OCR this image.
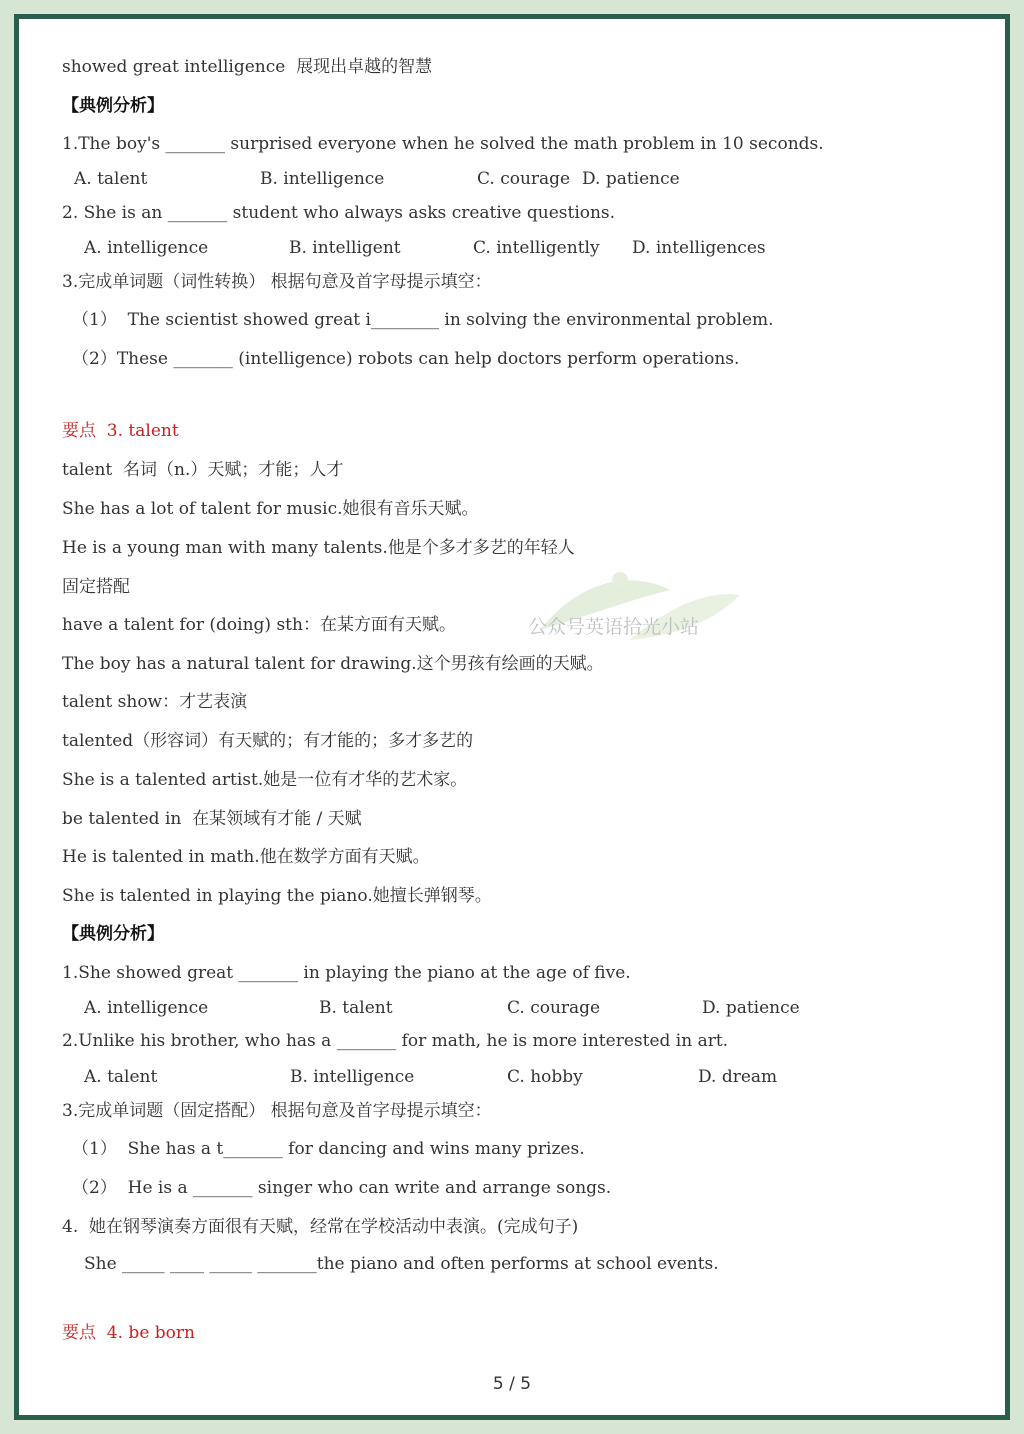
showed great intelligence  展现出卓越的智慧
【典例分析】
1.The boy's _______ surprised everyone when he solved the math problem in 10 seconds.
A. talent	B. intelligence	C. courage D. patience
2. She is an _______ student who always asks creative questions.
A. intelligence	B. intelligent	C. intelligently D. intelligences
3.完成单词题（词性转换） 根据句意及首字母提示填空：
（1）  The scientist showed great i________ in solving the environmental problem.
（2）These _______ (intelligence) robots can help doctors perform operations.
要点  3. talent
talent  名词（n.）天赋；才能；人才
She has a lot of talent for music.她很有音乐天赋。
He is a young man with many talents.他是个多才多艺的年轻人
固定搭配
have a talent for (doing) sth：在某方面有天赋。
The boy has a natural talent for drawing.这个男孩有绘画的天赋。
talent show：才艺表演
talented（形容词）有天赋的；有才能的；多才多艺的
She is a talented artist.她是一位有才华的艺术家。
be talented in  在某领域有才能 / 天赋
He is talented in math.他在数学方面有天赋。
She is talented in playing the piano.她擅长弹钢琴。
【典例分析】
1.She showed great _______ in playing the piano at the age of five.
A. intelligence	B. talent	C. courage	D. patience
2.Unlike his brother, who has a _______ for math, he is more interested in art.
A. talent	B. intelligence	C. hobby	D. dream
3.完成单词题（固定搭配） 根据句意及首字母提示填空：
（1）  She has a t_______ for dancing and wins many prizes.
（2）  He is a _______ singer who can write and arrange songs.
4.  她在钢琴演奏方面很有天赋，经常在学校活动中表演。(完成句子)
She _____ ____ _____ _______the piano and often performs at school events.
要点  4. be born
公众号英语拾光小站
5 / 5
